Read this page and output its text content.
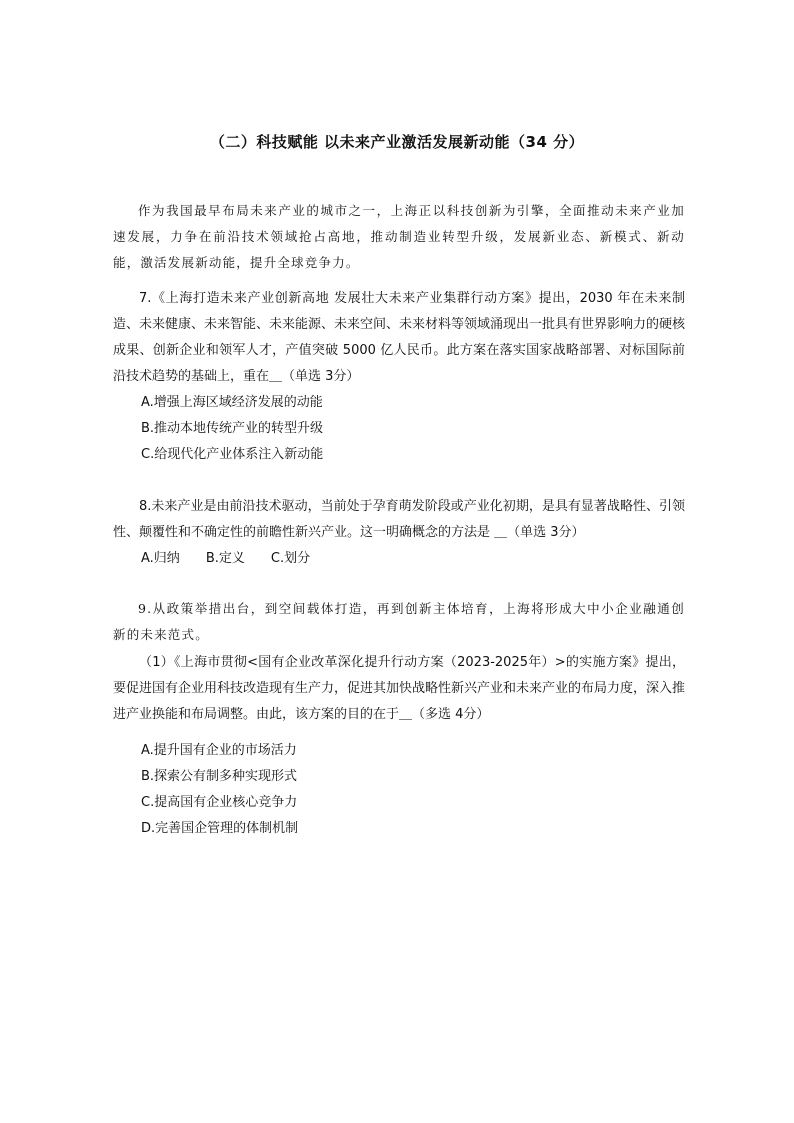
（二）科技赋能 以未来产业激活发展新动能（34 分）
作为我国最早布局未来产业的城市之一，上海正以科技创新为引擎，全面推动未来产业加速发展，力争在前沿技术领域抢占高地，推动制造业转型升级，发展新业态、新模式、新动能，激活发展新动能，提升全球竞争力。
7.《上海打造未来产业创新高地 发展壮大未来产业集群行动方案》提出，2030 年在未来制造、未来健康、未来智能、未来能源、未来空间、未来材料等领域涌现出一批具有世界影响力的硬核成果、创新企业和领军人才，产值突破 5000 亿人民币。此方案在落实国家战略部署、对标国际前沿技术趋势的基础上，重在＿（单选 3分）
A.增强上海区域经济发展的动能
B.推动本地传统产业的转型升级
C.给现代化产业体系注入新动能
8.未来产业是由前沿技术驱动，当前处于孕育萌发阶段或产业化初期，是具有显著战略性、引领性、颠覆性和不确定性的前瞻性新兴产业。这一明确概念的方法是 ＿（单选 3分）
A.归纳 B.定义 C.划分
9.从政策举措出台，到空间载体打造，再到创新主体培育，上海将形成大中小企业融通创新的未来范式。
（1）《上海市贯彻<国有企业改革深化提升行动方案（2023-2025年）>的实施方案》提出，要促进国有企业用科技改造现有生产力，促进其加快战略性新兴产业和未来产业的布局力度，深入推进产业换能和布局调整。由此，该方案的目的在于＿（多选 4分）
A.提升国有企业的市场活力
B.探索公有制多种实现形式
C.提高国有企业核心竞争力
D.完善国企管理的体制机制
